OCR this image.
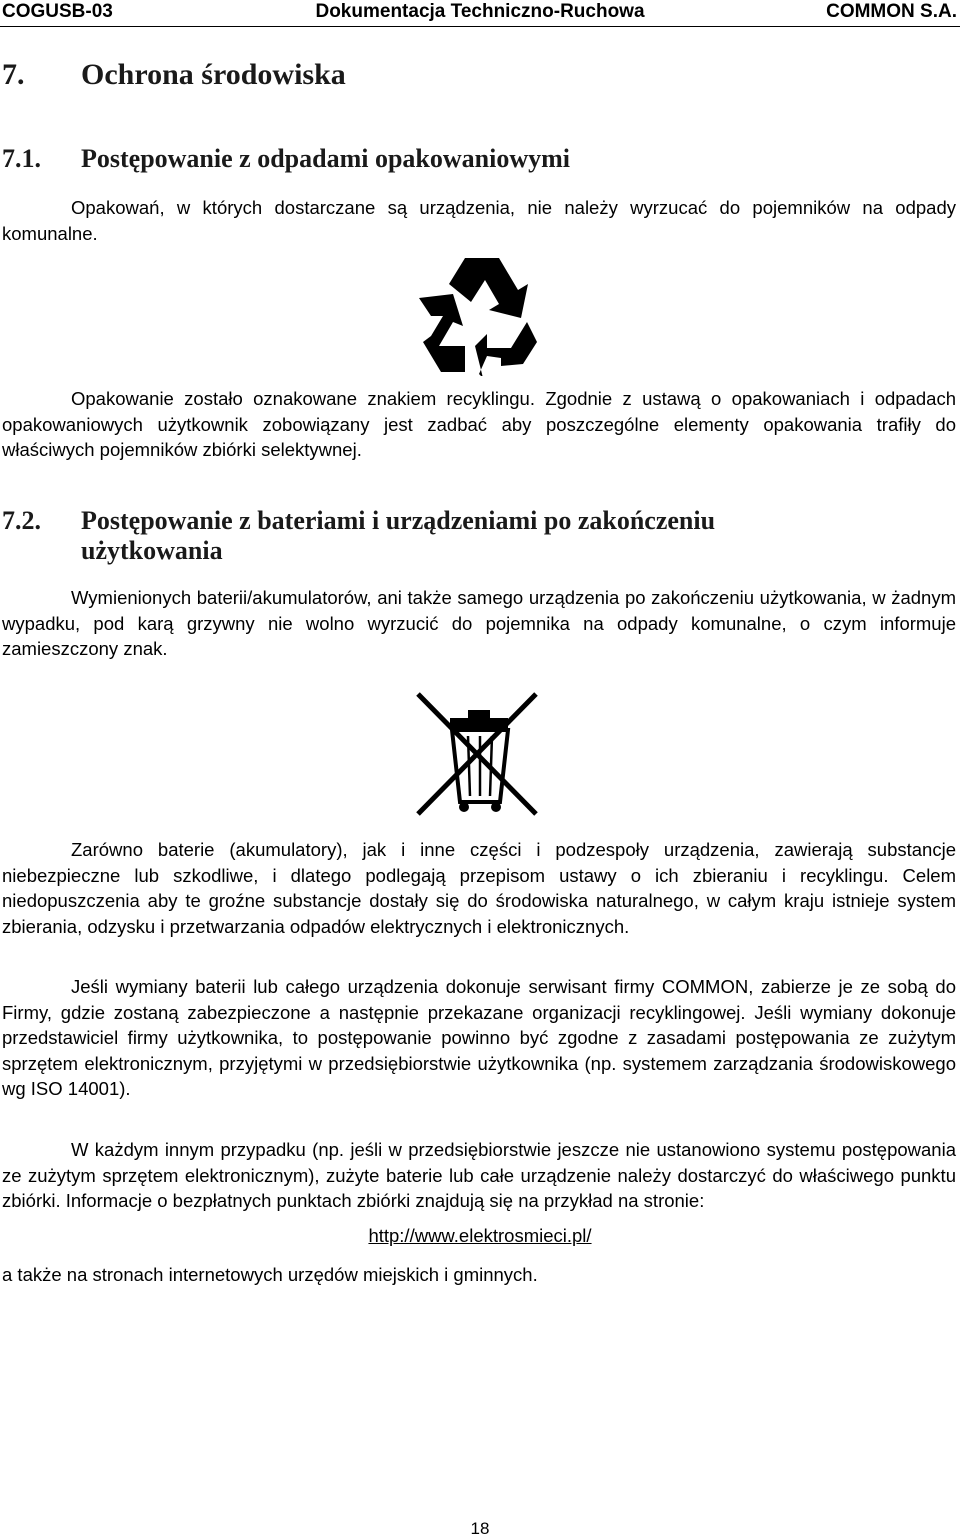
Dokumentacja Techniczno-Ruchowa
COGUSB-03	COMMON S.A.
7. Ochrona środowiska
7.1. Postępowanie z odpadami opakowaniowymi

Opakowań, w których dostarczane są urządzenia, nie należy wyrzucać do pojemników na odpady komunalne.

Opakowanie zostało oznakowane znakiem recyklingu. Zgodnie z ustawą o opakowaniach i odpadach opakowaniowych użytkownik zobowiązany jest zadbać aby poszczególne elementy opakowania trafiły do właściwych pojemników zbiórki selektywnej.

7.2. Postępowanie z bateriami i urządzeniami po zakończeniu
użytkowania

Wymienionych baterii/akumulatorów, ani także samego urządzenia po zakończeniu użytkowania, w żadnym wypadku, pod karą grzywny nie wolno wyrzucić do pojemnika na odpady komunalne, o czym informuje zamieszczony znak.

Zarówno baterie (akumulatory), jak i inne części i podzespoły urządzenia, zawierają substancje niebezpieczne lub szkodliwe, i dlatego podlegają przepisom ustawy o ich zbieraniu i recyklingu. Celem niedopuszczenia aby te groźne substancje dostały się do środowiska naturalnego, w całym kraju istnieje system zbierania, odzysku i przetwarzania odpadów elektrycznych i elektronicznych.

Jeśli wymiany baterii lub całego urządzenia dokonuje serwisant firmy COMMON, zabierze je ze sobą do Firmy, gdzie zostaną zabezpieczone a następnie przekazane organizacji recyklingowej. Jeśli wymiany dokonuje przedstawiciel firmy użytkownika, to postępowanie powinno być zgodne z zasadami postępowania ze zużytym sprzętem elektronicznym, przyjętymi w przedsiębiorstwie użytkownika (np. systemem zarządzania środowiskowego wg ISO 14001).

W każdym innym przypadku (np. jeśli w przedsiębiorstwie jeszcze nie ustanowiono systemu postępowania ze zużytym sprzętem elektronicznym), zużyte baterie lub całe urządzenie należy dostarczyć do właściwego punktu zbiórki. Informacje o bezpłatnych punktach zbiórki znajdują się na przykład na stronie:

http://www.elektrosmieci.pl/

a także na stronach internetowych urzędów miejskich i gminnych.

18
